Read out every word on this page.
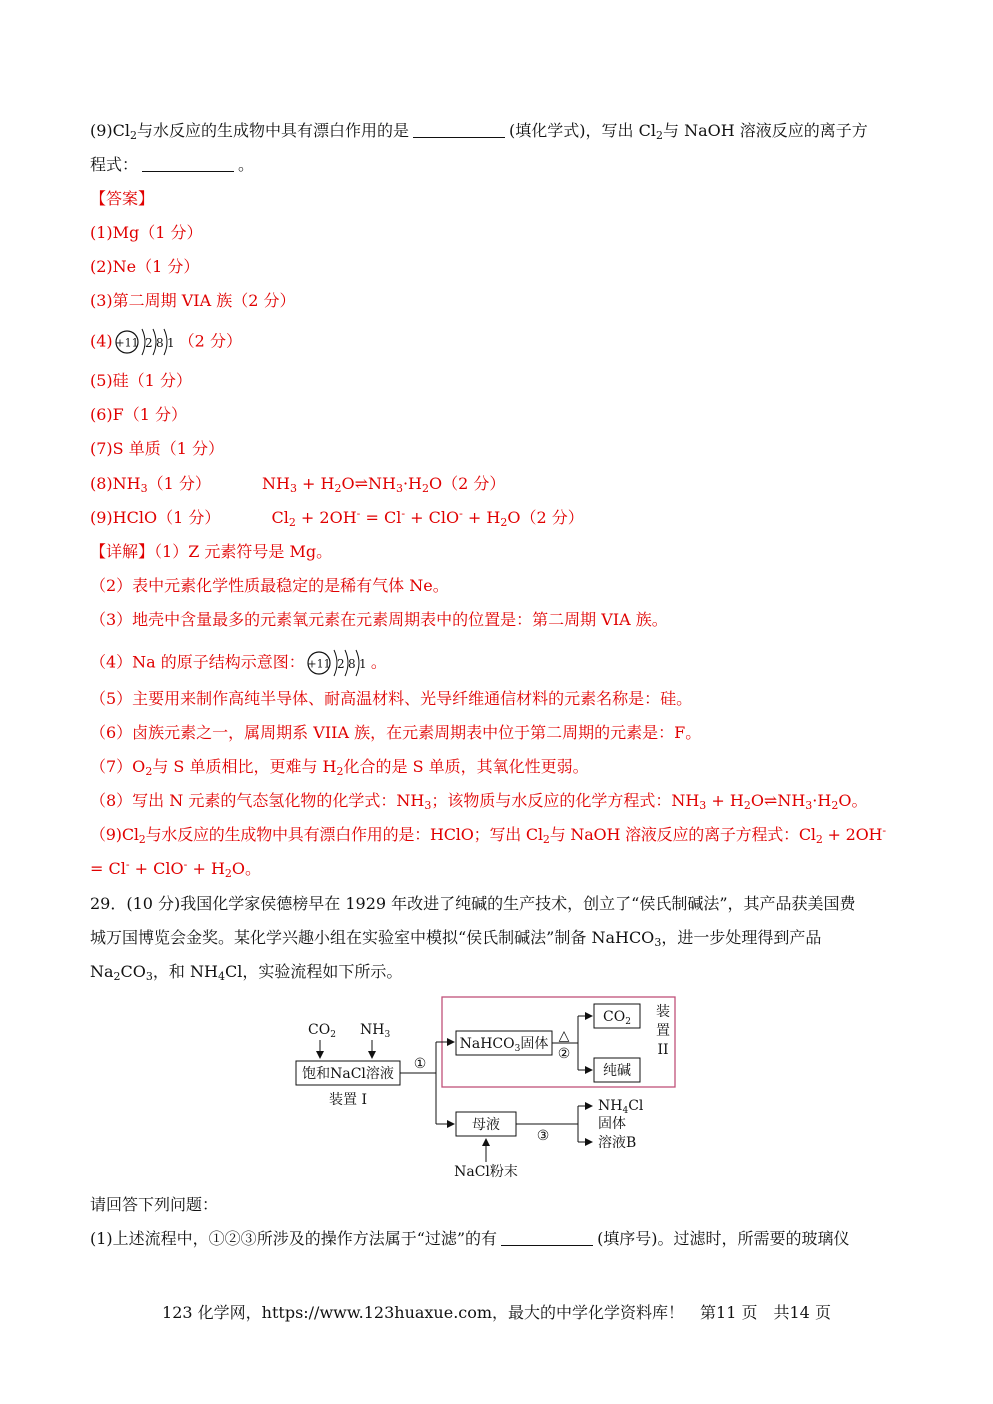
$(9)Cl_2$与水反应的生成物中具有漂白作用的是	(填化学式)，写出 $Cl_2$与 NaOH 溶液反应的离子方
程式：	。
【答案】
(1)Mg（1 分）
(2)Ne（1 分）
(3)第二周期 VIA 族（2 分）
(4) +11 2 8 1 （2 分）
(5)硅（1 分）
(6)F（1 分）
(7)S 单质（1 分）
$(8)NH_3(1$ 分）	$NH_3$ + $H_2O\rightleftharpoons NH_3\cdot H_2O(2$ 分）
(9)HClO（1 分）	$Cl_2 + 2OH^- = Cl^- + ClO^- + H_2O(2$ 分）
【详解】（1）Z 元素符号是 Mg。
（2）表中元素化学性质最稳定的是稀有气体 Ne。
（3）地壳中含量最多的元素氧元素在元素周期表中的位置是：第二周期 VIA 族。
（4）Na 的原子结构示意图： +11 2 8 1 。
（5）主要用来制作高纯半导体、耐高温材料、光导纤维通信材料的元素名称是：硅。
（6）卤族元素之一，属周期系 VIIA 族，在元素周期表中位于第二周期的元素是：F。
$(7)O_2$与 S 单质相比，更难与 $H_2$化合的是 S 单质，其氧化性更弱。
（8）写出 N 元素的气态氢化物的化学式：$NH_3$；该物质与水反应的化学方程式：$NH_3$ + $H_2O\rightleftharpoons NH_3\cdot H_2O$。
$(9)Cl_2$与水反应的生成物中具有漂白作用的是：HClO；写出 $Cl_2$与 NaOH 溶液反应的离子方程式：$Cl_2 + 2OH^-$
= $Cl^- + ClO^- + H_2O$。
29．(10 分)我国化学家侯德榜早在 1929 年改进了纯碱的生产技术，创立了“侯氏制碱法”，其产品获美国费
城万国博览会金奖。某化学兴趣小组在实验室中模拟“侯氏制碱法”制备 NaHCO$_3$，进一步处理得到产品
$Na_2CO_3$，和 $NH_4Cl$，实验流程如下所示。
请回答下列问题：
(1)上述流程中，①②③所涉及的操作方法属于“过滤”的有	(填序号)。过滤时，所需要的玻璃仪
$CO_2$ $NH_3$
饱和NaCl溶液
装置 I
①
NaHCO$_3$固体 △
②
$CO_2$
纯碱
装
置
II
母液
NaCl粉末
③
$NH_4Cl$
固体
溶液B
123 化学网，https://www.123huaxue.com，最大的中学化学资料库！　第11 页　共14 页
